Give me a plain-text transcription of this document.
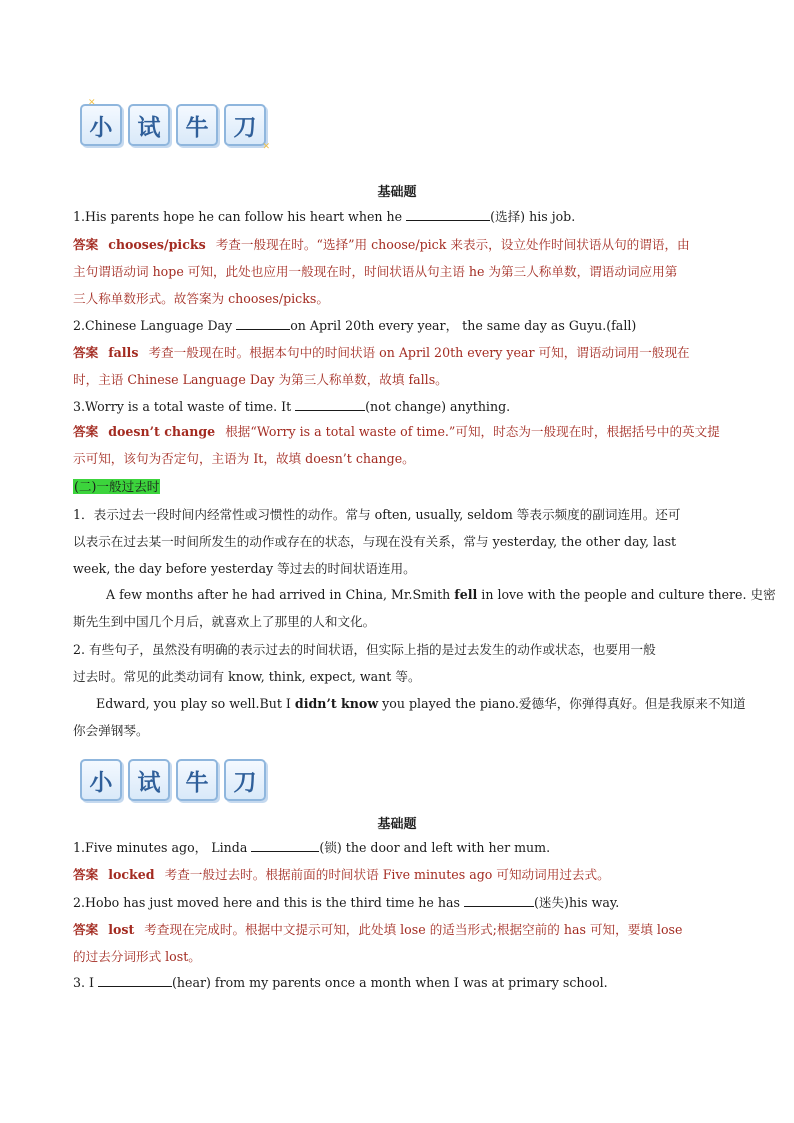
小
✕
试 牛 刀
✕
基础题
1.His parents hope he can follow his heart when he	(选择) his job.
答案 chooses/picks 考查一般现在时。“选择”用 choose/pick 来表示，设立处作时间状语从句的谓语，由
主句谓语动词 hope 可知，此处也应用一般现在时，时间状语从句主语 he 为第三人称单数，谓语动词应用第
三人称单数形式。故答案为 chooses/picks。
2.Chinese Language Day	on April 20th every year， the same day as Guyu.(fall)
答案 falls 考查一般现在时。根据本句中的时间状语 on April 20th every year 可知，谓语动词用一般现在
时，主语 Chinese Language Day 为第三人称单数，故填 falls。
3.Worry is a total waste of time. It	(not change) anything.
答案 doesn’t change 根据“Worry is a total waste of time.”可知，时态为一般现在时，根据括号中的英文提
示可知，该句为否定句，主语为 It，故填 doesn’t change。
(二)一般过去时
1．表示过去一段时间内经常性或习惯性的动作。常与 often, usually, seldom 等表示频度的副词连用。还可
以表示在过去某一时间所发生的动作或存在的状态，与现在没有关系，常与 yesterday, the other day, last
week, the day before yesterday 等过去的时间状语连用。
A few months after he had arrived in China, Mr.Smith fell in love with the people and culture there. 史密
斯先生到中国几个月后，就喜欢上了那里的人和文化。
2. 有些句子，虽然没有明确的表示过去的时间状语，但实际上指的是过去发生的动作或状态，也要用一般
过去时。常见的此类动词有 know, think, expect, want 等。
Edward, you play so well.But I didn’t know you played the piano.爱德华，你弹得真好。但是我原来不知道
你会弹钢琴。
小 试 牛 刀
基础题
1.Five minutes ago， Linda	(锁) the door and left with her mum.
答案 locked 考查一般过去时。根据前面的时间状语 Five minutes ago 可知动词用过去式。
2.Hobo has just moved here and this is the third time he has	(迷失)his way.
答案 lost 考查现在完成时。根据中文提示可知，此处填 lose 的适当形式;根据空前的 has 可知，要填 lose
的过去分词形式 lost。
3. I	(hear) from my parents once a month when I was at primary school.
